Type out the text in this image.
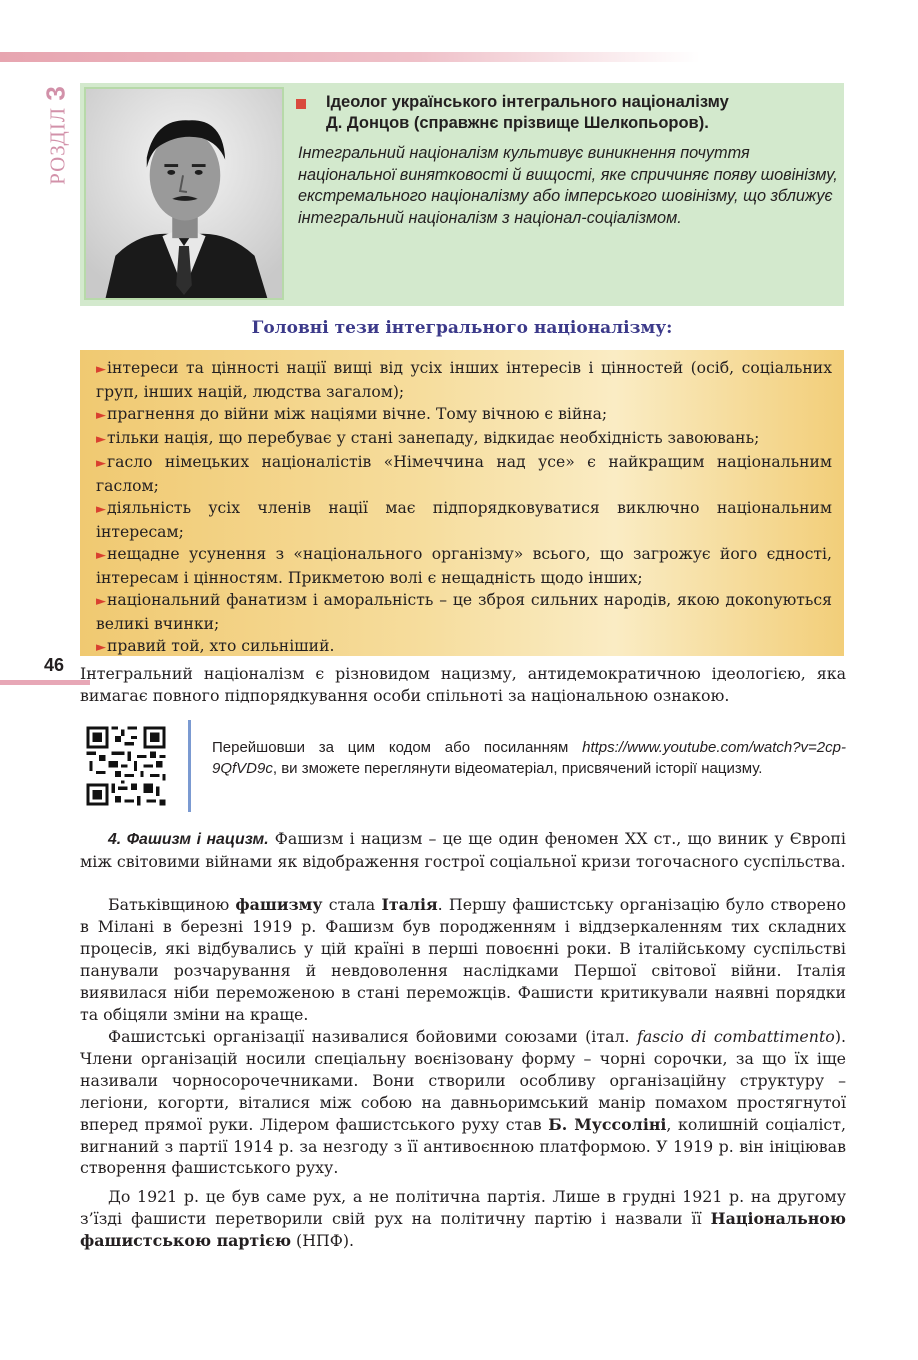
РОЗДІЛ 3
Ідеолог українського інтегрального націоналізму
Д. Донцов (справжнє прізвище Шелкопьоров).
Інтегральний націоналізм культивує виникнення почуття національної винятковості й вищості, яке спричиняє появу шовінізму, екстремального націоналізму або імперського шовінізму, що зближує інтегральний націоналізм з націонал-соціалізмом.
Головні тези інтегрального націоналізму:
►інтереси та цінності нації вищі від усіх інших інтересів і цінностей (осіб, соціальних груп, інших націй, людства загалом);
►прагнення до війни між націями вічне. Тому вічною є війна;
►тільки нація, що перебуває у стані занепаду, відкидає необхідність завоювань;
►гасло німецьких націоналістів «Німеччина над усе» є найкращим національним гаслом;
►діяльність усіх членів нації має підпорядковуватися виключно національним інтересам;
►нещадне усунення з «національного організму» всього, що загрожує його єдності, інтересам і цінностям. Прикметою волі є нещадність щодо інших;
►національний фанатизм і аморальність – це зброя сильних народів, якою докоnуються великі вчинки;
►правий той, хто сильніший.
46 Інтегральний націоналізм є різновидом нацизму, антидемократичною ідеологією, яка вимагає повного підпорядкування особи спільноті за національною ознакою.
Перейшовши за цим кодом або посиланням https://www.youtube.com/watch?v=2cp-9QfVD9c, ви зможете переглянути відеоматеріал, присвячений історії нацизму.
4. Фашизм і нацизм. Фашизм і нацизм – це ще один феномен XX ст., що виник у Європі між світовими війнами як відображення гострої соціальної кризи тогочасного суспільства.
Батьківщиною фашизму стала Італія. Першу фашистську організацію було створено в Мілані в березні 1919 р. Фашизм був породженням і віддзеркаленням тих складних процесів, які відбувались у цій країні в перші повоєнні роки. В італійському суспільстві панували розчарування й невдоволення наслідками Першої світової війни. Італія виявилася ніби переможеною в стані переможців. Фашисти критикували наявні порядки та обіцяли зміни на краще.
Фашистські організації називалися бойовими союзами (італ. fascio di combattimento). Члени організацій носили спеціальну воєнізовану форму – чорні сорочки, за що їх іще називали чорносорочечниками. Вони створили особливу організаційну структуру – легіони, когорти, віталися між собою на давньоримський манір помахом простягнутої вперед прямої руки. Лідером фашистського руху став Б. Муссоліні, колишній соціаліст, вигнаний з партії 1914 р. за незгоду з її антивоєнною платформою. У 1919 р. він ініціював створення фашистського руху.
До 1921 р. це був саме рух, а не політична партія. Лише в грудні 1921 р. на другому з’їзді фашисти перетворили свій рух на політичну партію і назвали її Національною фашистською партією (НПФ).
